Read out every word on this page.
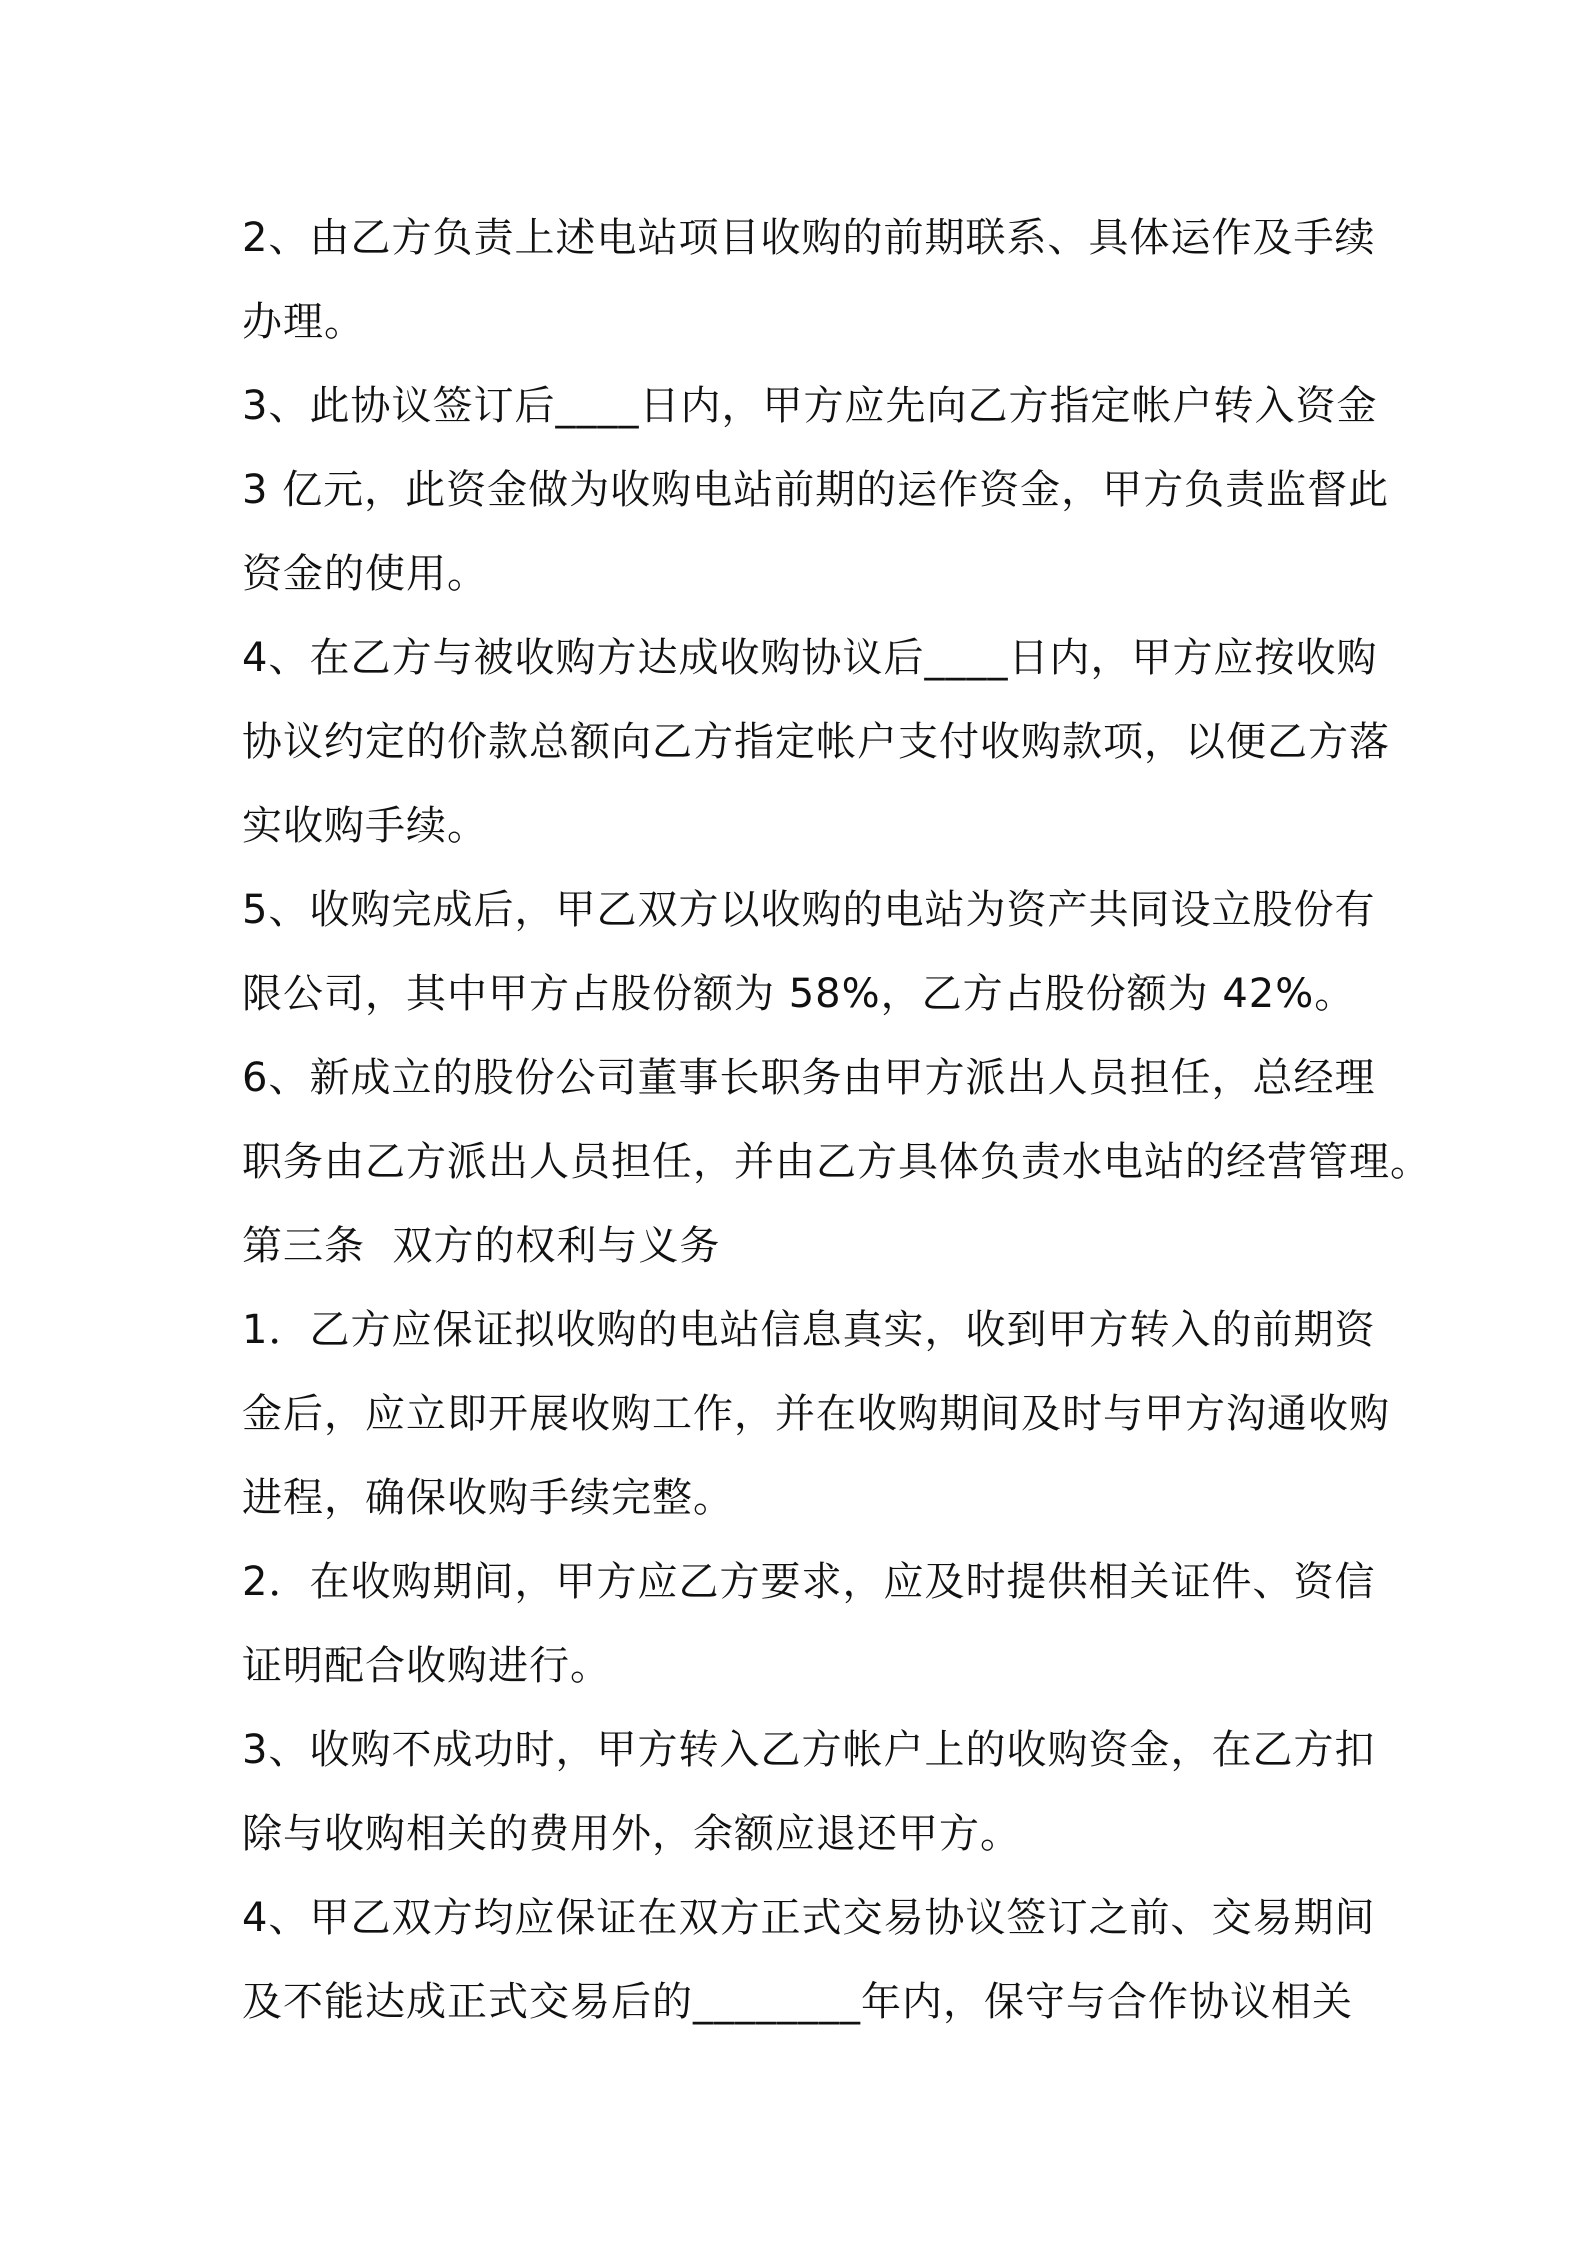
2、由乙方负责上述电站项目收购的前期联系、具体运作及手续
办理。
3、此协议签订后____日内，甲方应先向乙方指定帐户转入资金
3 亿元，此资金做为收购电站前期的运作资金，甲方负责监督此
资金的使用。
4、在乙方与被收购方达成收购协议后____日内，甲方应按收购
协议约定的价款总额向乙方指定帐户支付收购款项，以便乙方落
实收购手续。
5、收购完成后，甲乙双方以收购的电站为资产共同设立股份有
限公司，其中甲方占股份额为 58%，乙方占股份额为 42%。
6、新成立的股份公司董事长职务由甲方派出人员担任，总经理
职务由乙方派出人员担任，并由乙方具体负责水电站的经营管理。
第三条  双方的权利与义务
1．乙方应保证拟收购的电站信息真实，收到甲方转入的前期资
金后，应立即开展收购工作，并在收购期间及时与甲方沟通收购
进程，确保收购手续完整。
2．在收购期间，甲方应乙方要求，应及时提供相关证件、资信
证明配合收购进行。
3、收购不成功时，甲方转入乙方帐户上的收购资金，在乙方扣
除与收购相关的费用外，余额应退还甲方。
4、甲乙双方均应保证在双方正式交易协议签订之前、交易期间
及不能达成正式交易后的________年内，保守与合作协议相关
